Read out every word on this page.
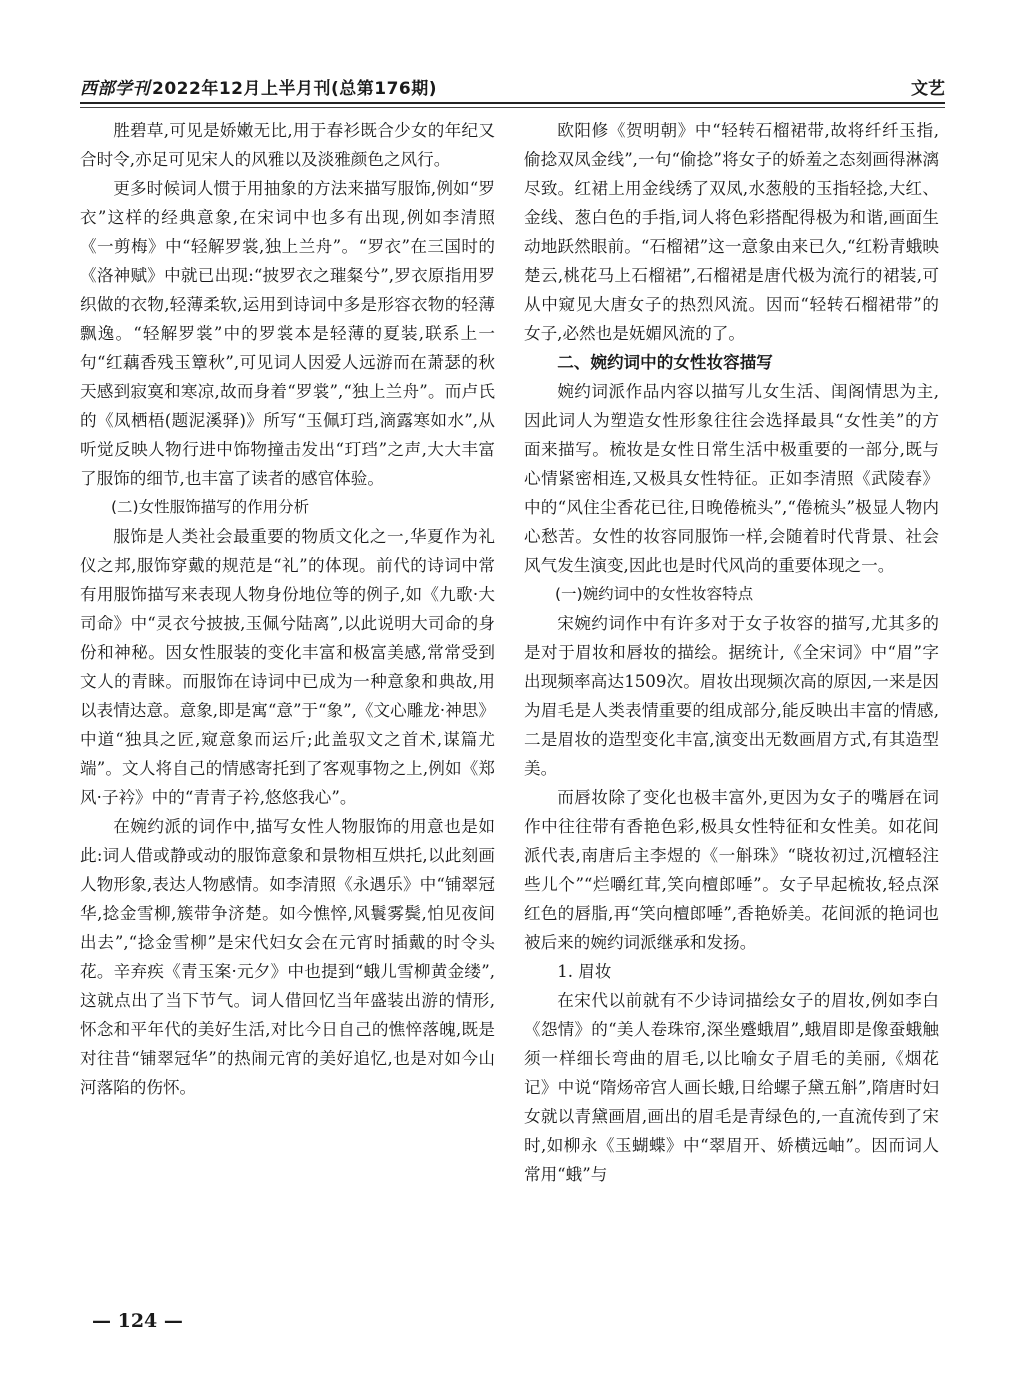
西部学刊 2022年12月上半月刊(总第176期)	文艺

胜碧草,可见是娇嫩无比,用于春衫既合少女的年纪又合时令,亦足可见宋人的风雅以及淡雅颜色之风行。

更多时候词人惯于用抽象的方法来描写服饰,例如“罗衣”这样的经典意象,在宋词中也多有出现,例如李清照《一剪梅》中“轻解罗裳,独上兰舟”。“罗衣”在三国时的《洛神赋》中就已出现:“披罗衣之璀粲兮”,罗衣原指用罗织做的衣物,轻薄柔软,运用到诗词中多是形容衣物的轻薄飘逸。“轻解罗裳”中的罗裳本是轻薄的夏装,联系上一句“红藕香残玉簟秋”,可见词人因爱人远游而在萧瑟的秋天感到寂寞和寒凉,故而身着“罗裳”,“独上兰舟”。而卢氏的《凤栖梧(题泥溪驿)》所写“玉佩玎珰,滴露寒如水”,从听觉反映人物行进中饰物撞击发出“玎珰”之声,大大丰富了服饰的细节,也丰富了读者的感官体验。

(二)女性服饰描写的作用分析

服饰是人类社会最重要的物质文化之一,华夏作为礼仪之邦,服饰穿戴的规范是“礼”的体现。前代的诗词中常有用服饰描写来表现人物身份地位等的例子,如《九歌·大司命》中“灵衣兮披披,玉佩兮陆离”,以此说明大司命的身份和神秘。因女性服装的变化丰富和极富美感,常常受到文人的青睐。而服饰在诗词中已成为一种意象和典故,用以表情达意。意象,即是寓“意”于“象”,《文心雕龙·神思》中道“独具之匠,窥意象而运斤;此盖驭文之首术,谋篇尤端”。文人将自己的情感寄托到了客观事物之上,例如《郑风·子衿》中的“青青子衿,悠悠我心”。

在婉约派的词作中,描写女性人物服饰的用意也是如此:词人借或静或动的服饰意象和景物相互烘托,以此刻画人物形象,表达人物感情。如李清照《永遇乐》中“铺翠冠华,捻金雪柳,簇带争济楚。如今憔悴,风鬟雾鬓,怕见夜间出去”,“捻金雪柳”是宋代妇女会在元宵时插戴的时令头花。辛弃疾《青玉案·元夕》中也提到“蛾儿雪柳黄金缕”,这就点出了当下节气。词人借回忆当年盛装出游的情形,怀念和平年代的美好生活,对比今日自己的憔悴落魄,既是对往昔“铺翠冠华”的热闹元宵的美好追忆,也是对如今山河落陷的伤怀。

欧阳修《贺明朝》中“轻转石榴裙带,故将纤纤玉指,偷捻双凤金线”,一句“偷捻”将女子的娇羞之态刻画得淋漓尽致。红裙上用金线绣了双凤,水葱般的玉指轻捻,大红、金线、葱白色的手指,词人将色彩搭配得极为和谐,画面生动地跃然眼前。“石榴裙”这一意象由来已久,“红粉青蛾映楚云,桃花马上石榴裙”,石榴裙是唐代极为流行的裙装,可从中窥见大唐女子的热烈风流。因而“轻转石榴裙带”的女子,必然也是妩媚风流的了。

二、婉约词中的女性妆容描写

婉约词派作品内容以描写儿女生活、闺阁情思为主,因此词人为塑造女性形象往往会选择最具“女性美”的方面来描写。梳妆是女性日常生活中极重要的一部分,既与心情紧密相连,又极具女性特征。正如李清照《武陵春》中的“风住尘香花已往,日晚倦梳头”,“倦梳头”极显人物内心愁苦。女性的妆容同服饰一样,会随着时代背景、社会风气发生演变,因此也是时代风尚的重要体现之一。

(一)婉约词中的女性妆容特点

宋婉约词作中有许多对于女子妆容的描写,尤其多的是对于眉妆和唇妆的描绘。据统计,《全宋词》中“眉”字出现频率高达1509次。眉妆出现频次高的原因,一来是因为眉毛是人类表情重要的组成部分,能反映出丰富的情感,二是眉妆的造型变化丰富,演变出无数画眉方式,有其造型美。

而唇妆除了变化也极丰富外,更因为女子的嘴唇在词作中往往带有香艳色彩,极具女性特征和女性美。如花间派代表,南唐后主李煜的《一斛珠》“晓妆初过,沉檀轻注些儿个”“烂嚼红茸,笑向檀郎唾”。女子早起梳妆,轻点深红色的唇脂,再“笑向檀郎唾”,香艳娇美。花间派的艳词也被后来的婉约词派继承和发扬。

1. 眉妆

在宋代以前就有不少诗词描绘女子的眉妆,例如李白《怨情》的“美人卷珠帘,深坐蹙蛾眉”,蛾眉即是像蚕蛾触须一样细长弯曲的眉毛,以比喻女子眉毛的美丽,《烟花记》中说“隋炀帝宫人画长蛾,日给螺子黛五斛”,隋唐时妇女就以青黛画眉,画出的眉毛是青绿色的,一直流传到了宋时,如柳永《玉蝴蝶》中“翠眉开、娇横远岫”。因而词人常用“蛾”与

— 124 —
